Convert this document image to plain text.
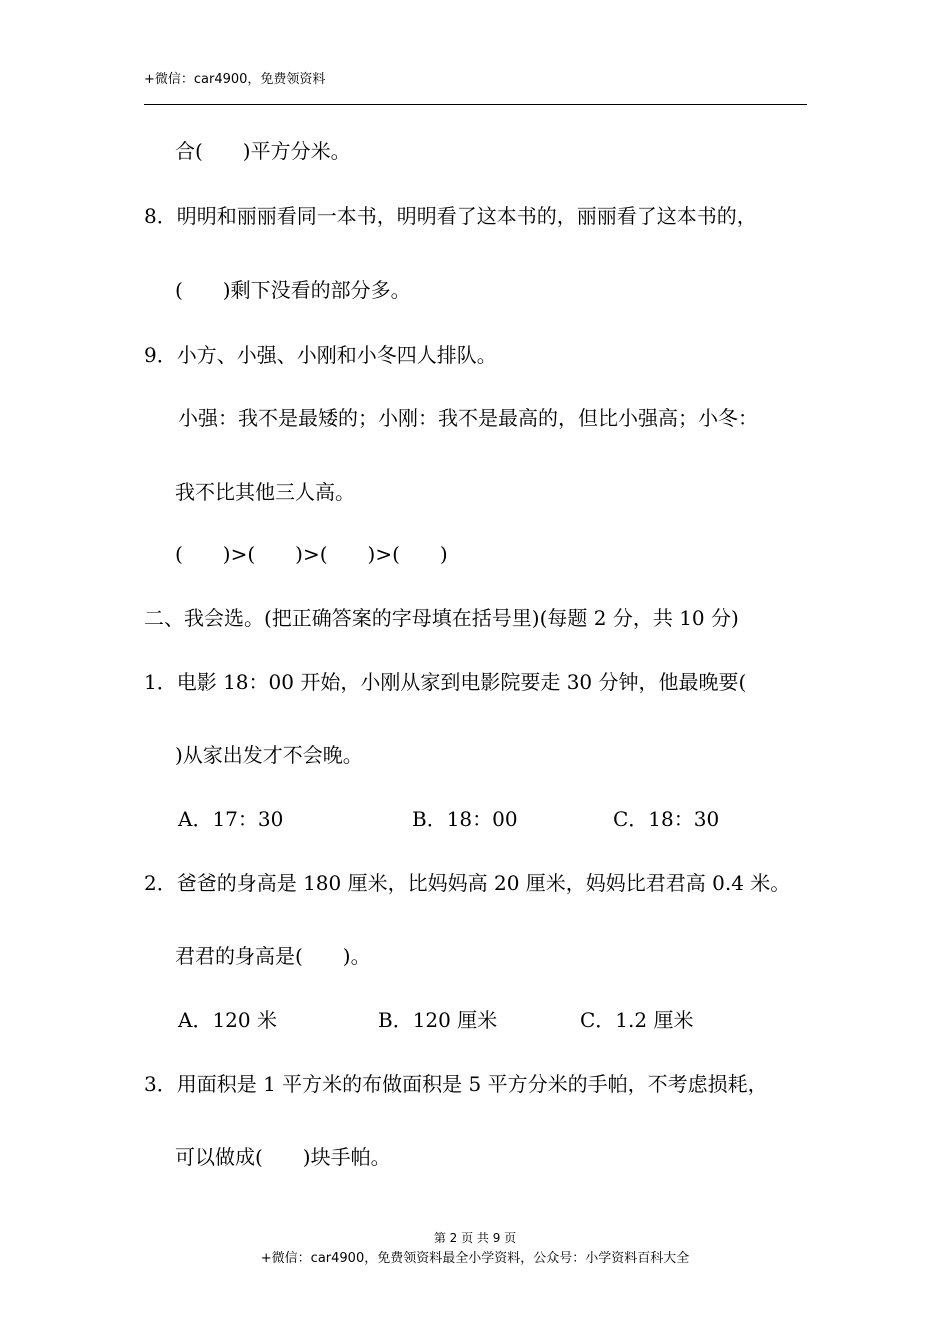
+微信：car4900，免费领资料
合(　　)平方分米。
8．明明和丽丽看同一本书，明明看了这本书的，丽丽看了这本书的，
(　　)剩下没看的部分多。
9．小方、小强、小刚和小冬四人排队。
小强：我不是最矮的；小刚：我不是最高的，但比小强高；小冬：
我不比其他三人高。
(　　)>(　　)>(　　)>(　　)
二、我会选。(把正确答案的字母填在括号里)(每题 2 分，共 10 分)
1．电影 18：00 开始，小刚从家到电影院要走 30 分钟，他最晚要(
)从家出发才不会晚。
A．17：30	B．18：00	C．18：30
2．爸爸的身高是 180 厘米，比妈妈高 20 厘米，妈妈比君君高 0.4 米。
君君的身高是(　　)。
A．120 米	B．120 厘米	C．1.2 厘米
3．用面积是 1 平方米的布做面积是 5 平方分米的手帕，不考虑损耗，
可以做成(　　)块手帕。
第 2 页 共 9 页
+微信：car4900，免费领资料最全小学资料，公众号：小学资料百科大全
